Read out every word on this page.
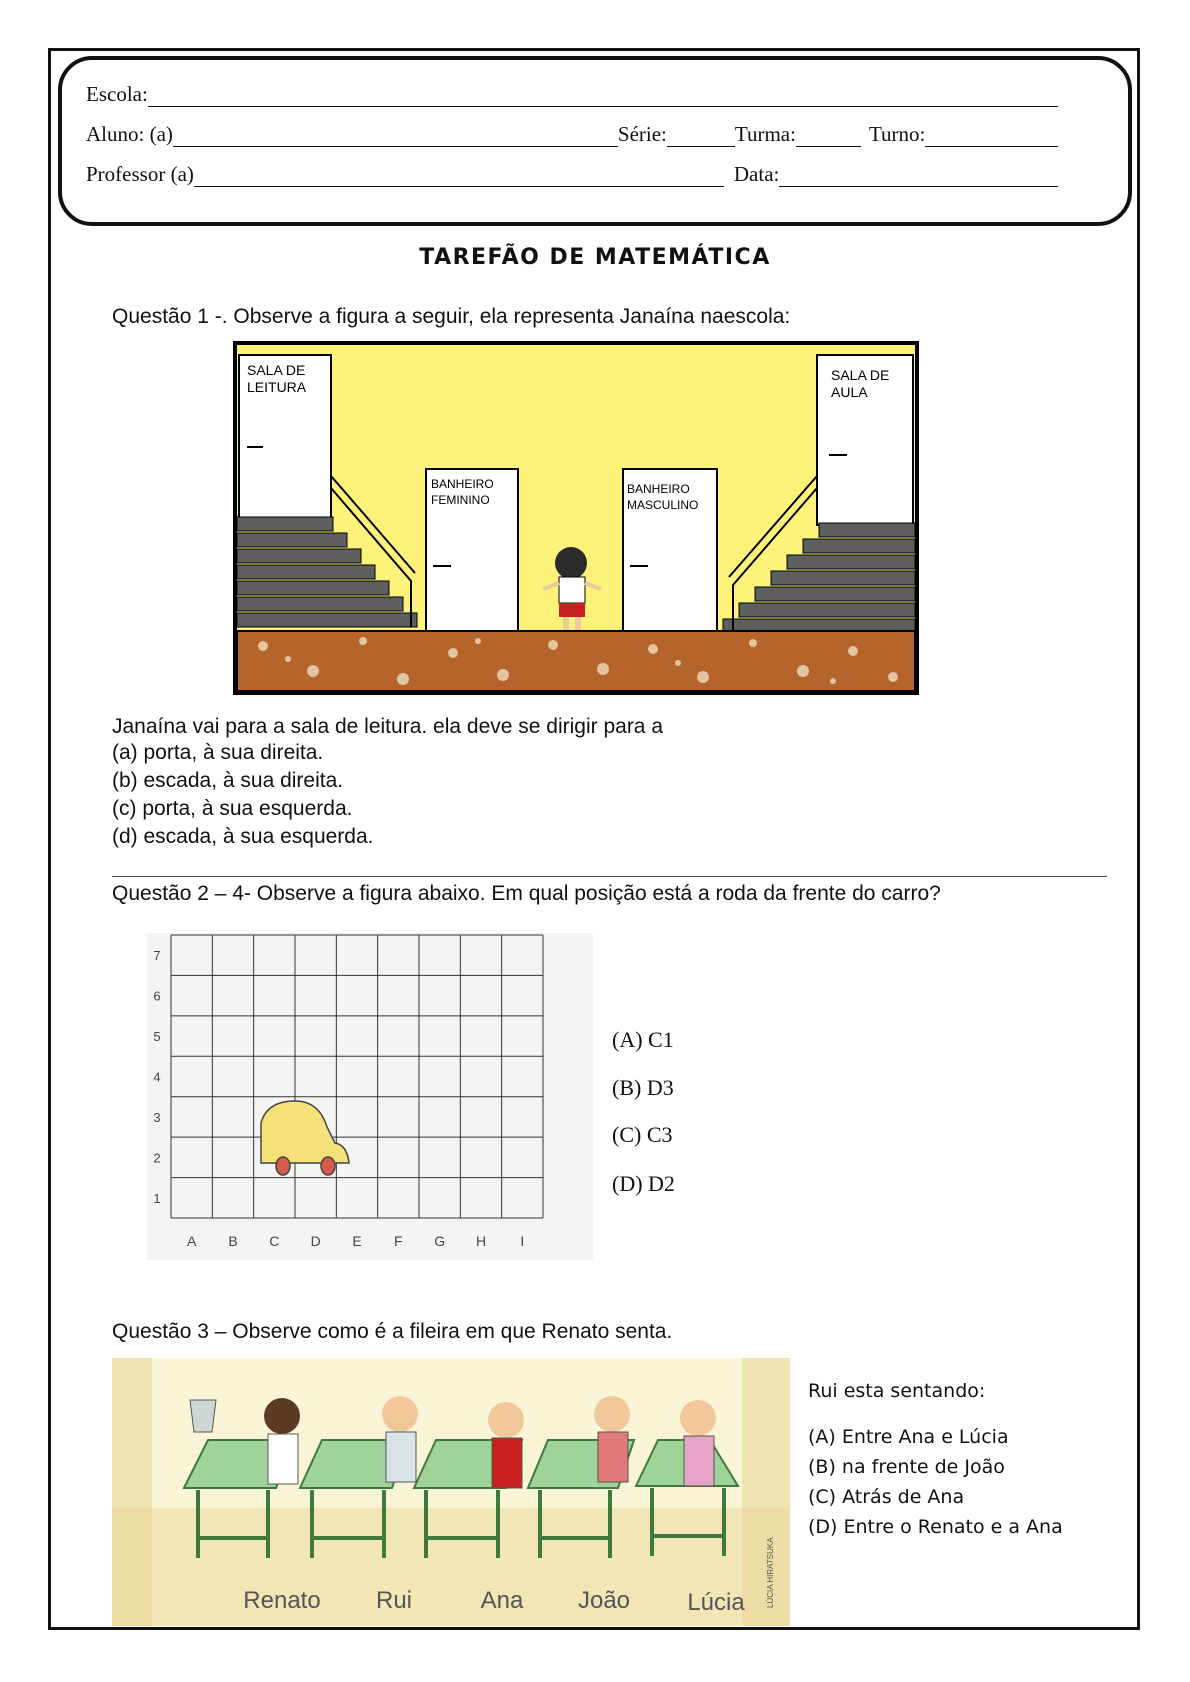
Escola:
Aluno: (a)	Série:	Turma:	Turno:
Professor (a)	Data:
TAREFÃO DE MATEMÁTICA
Questão 1 -. Observe a figura a seguir, ela representa Janaína naescola:
SALA DE
LEITURA
SALA DE
AULA
BANHEIRO
FEMININO
BANHEIRO
MASCULINO
Janaína vai para a sala de leitura. ela deve se dirigir para a
(a) porta, à sua direita.
(b) escada, à sua direita.
(c) porta, à sua esquerda.
(d) escada, à sua esquerda.
Questão 2 – 4- Observe a figura abaixo. Em qual posição está a roda da frente do carro?
A B C D E F G H I
7
6
5
4
3
2
1
(A) C1
(B) D3
(C) C3
(D) D2
Questão 3 – Observe como é a fileira em que Renato senta.
Renato Rui	Ana João Lúcia	LÚCIA HIRATSUKA
Rui esta sentando:
(A) Entre Ana e Lúcia
(B) na frente de João
(C) Atrás de Ana
(D) Entre o Renato e a Ana
